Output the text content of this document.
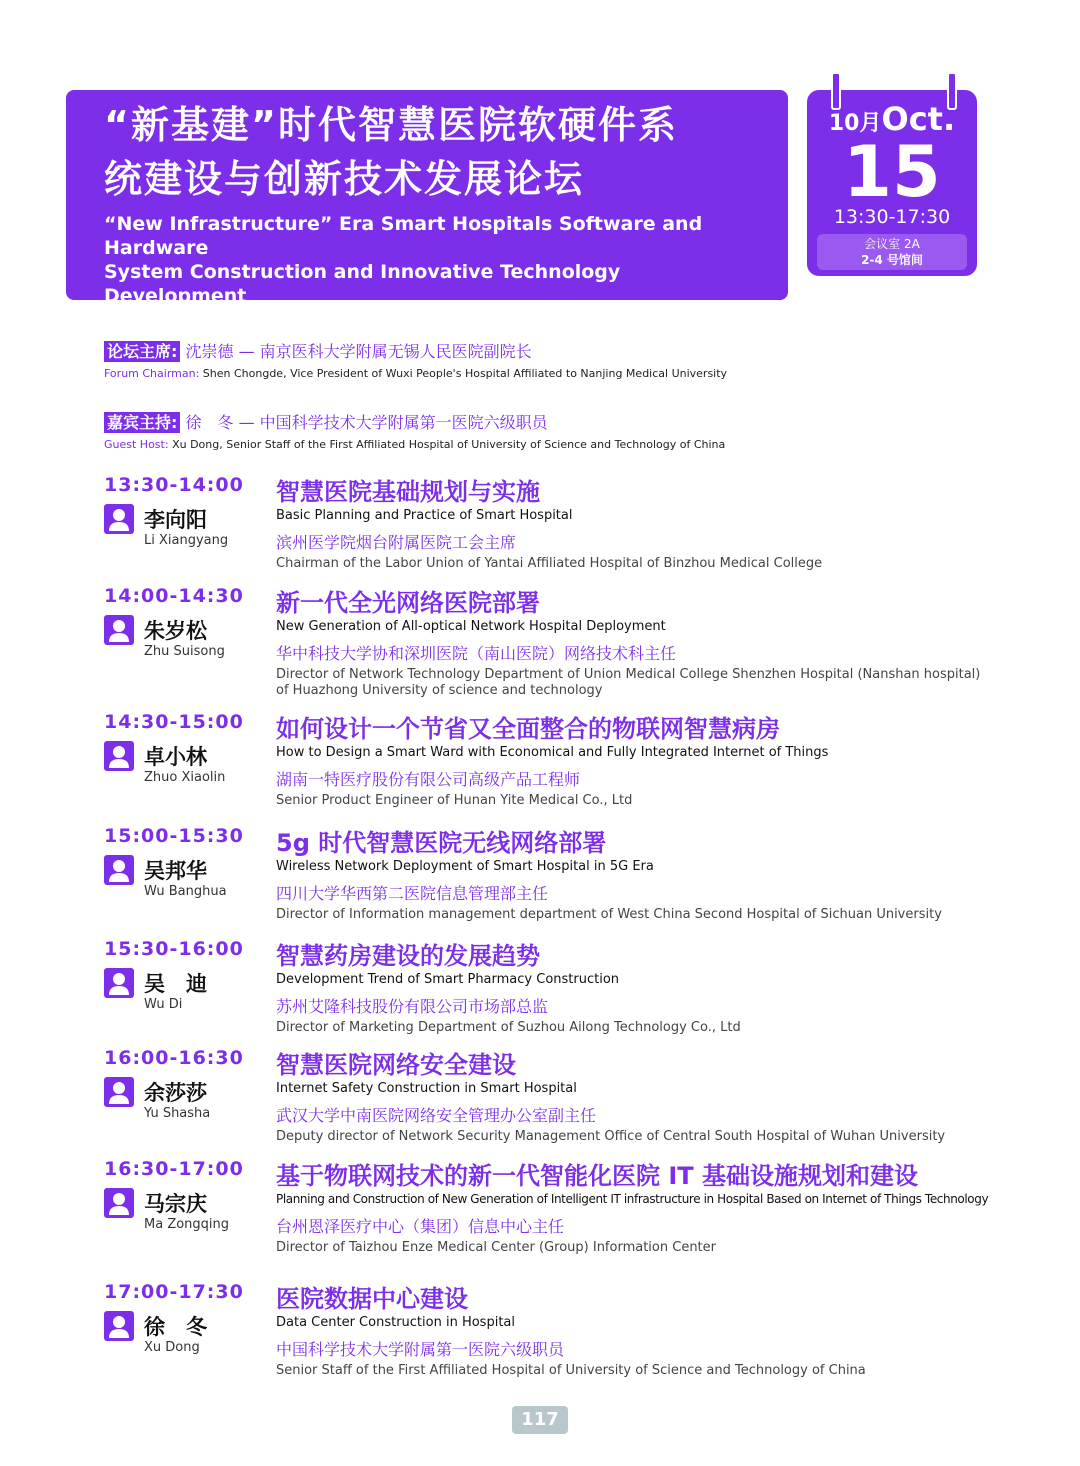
“新基建”时代智慧医院软硬件系
统建设与创新技术发展论坛
“New Infrastructure” Era Smart Hospitals Software and Hardware
System Construction and Innovative Technology Development
Forum
10月Oct.
15
13:30-17:30
会议室 2A
2-4 号馆间
论坛主席: 沈崇德 — 南京医科大学附属无锡人民医院副院长
Forum Chairman: Shen Chongde, Vice President of Wuxi People's Hospital Affiliated to Nanjing Medical University
嘉宾主持: 徐　冬 — 中国科学技术大学附属第一医院六级职员
Guest Host: Xu Dong, Senior Staff of the First Affiliated Hospital of University of Science and Technology of China
13:30-14:00
李向阳
Li Xiangyang
智慧医院基础规划与实施
Basic Planning and Practice of Smart Hospital
滨州医学院烟台附属医院工会主席
Chairman of the Labor Union of Yantai Affiliated Hospital of Binzhou Medical College
14:00-14:30
朱岁松
Zhu Suisong
新一代全光网络医院部署
New Generation of All-optical Network Hospital Deployment
华中科技大学协和深圳医院（南山医院）网络技术科主任
Director of Network Technology Department of Union Medical College Shenzhen Hospital (Nanshan hospital) of Huazhong University of science and technology
14:30-15:00
卓小林
Zhuo Xiaolin
如何设计一个节省又全面整合的物联网智慧病房
How to Design a Smart Ward with Economical and Fully Integrated Internet of Things
湖南一特医疗股份有限公司高级产品工程师
Senior Product Engineer of Hunan Yite Medical Co., Ltd
15:00-15:30
吴邦华
Wu Banghua
5g 时代智慧医院无线网络部署
Wireless Network Deployment of Smart Hospital in 5G Era
四川大学华西第二医院信息管理部主任
Director of Information management department of West China Second Hospital of Sichuan University
15:30-16:00
吴　迪
Wu Di
智慧药房建设的发展趋势
Development Trend of Smart Pharmacy Construction
苏州艾隆科技股份有限公司市场部总监
Director of Marketing Department of Suzhou Ailong Technology Co., Ltd
16:00-16:30
余莎莎
Yu Shasha
智慧医院网络安全建设
Internet Safety Construction in Smart Hospital
武汉大学中南医院网络安全管理办公室副主任
Deputy director of Network Security Management Office of Central South Hospital of Wuhan University
16:30-17:00
马宗庆
Ma Zongqing
基于物联网技术的新一代智能化医院 IT 基础设施规划和建设
Planning and Construction of New Generation of Intelligent IT infrastructure in Hospital Based on Internet of Things Technology
台州恩泽医疗中心（集团）信息中心主任
Director of Taizhou Enze Medical Center (Group) Information Center
17:00-17:30
徐　冬
Xu Dong
医院数据中心建设
Data Center Construction in Hospital
中国科学技术大学附属第一医院六级职员
Senior Staff of the First Affiliated Hospital of University of Science and Technology of China
117
